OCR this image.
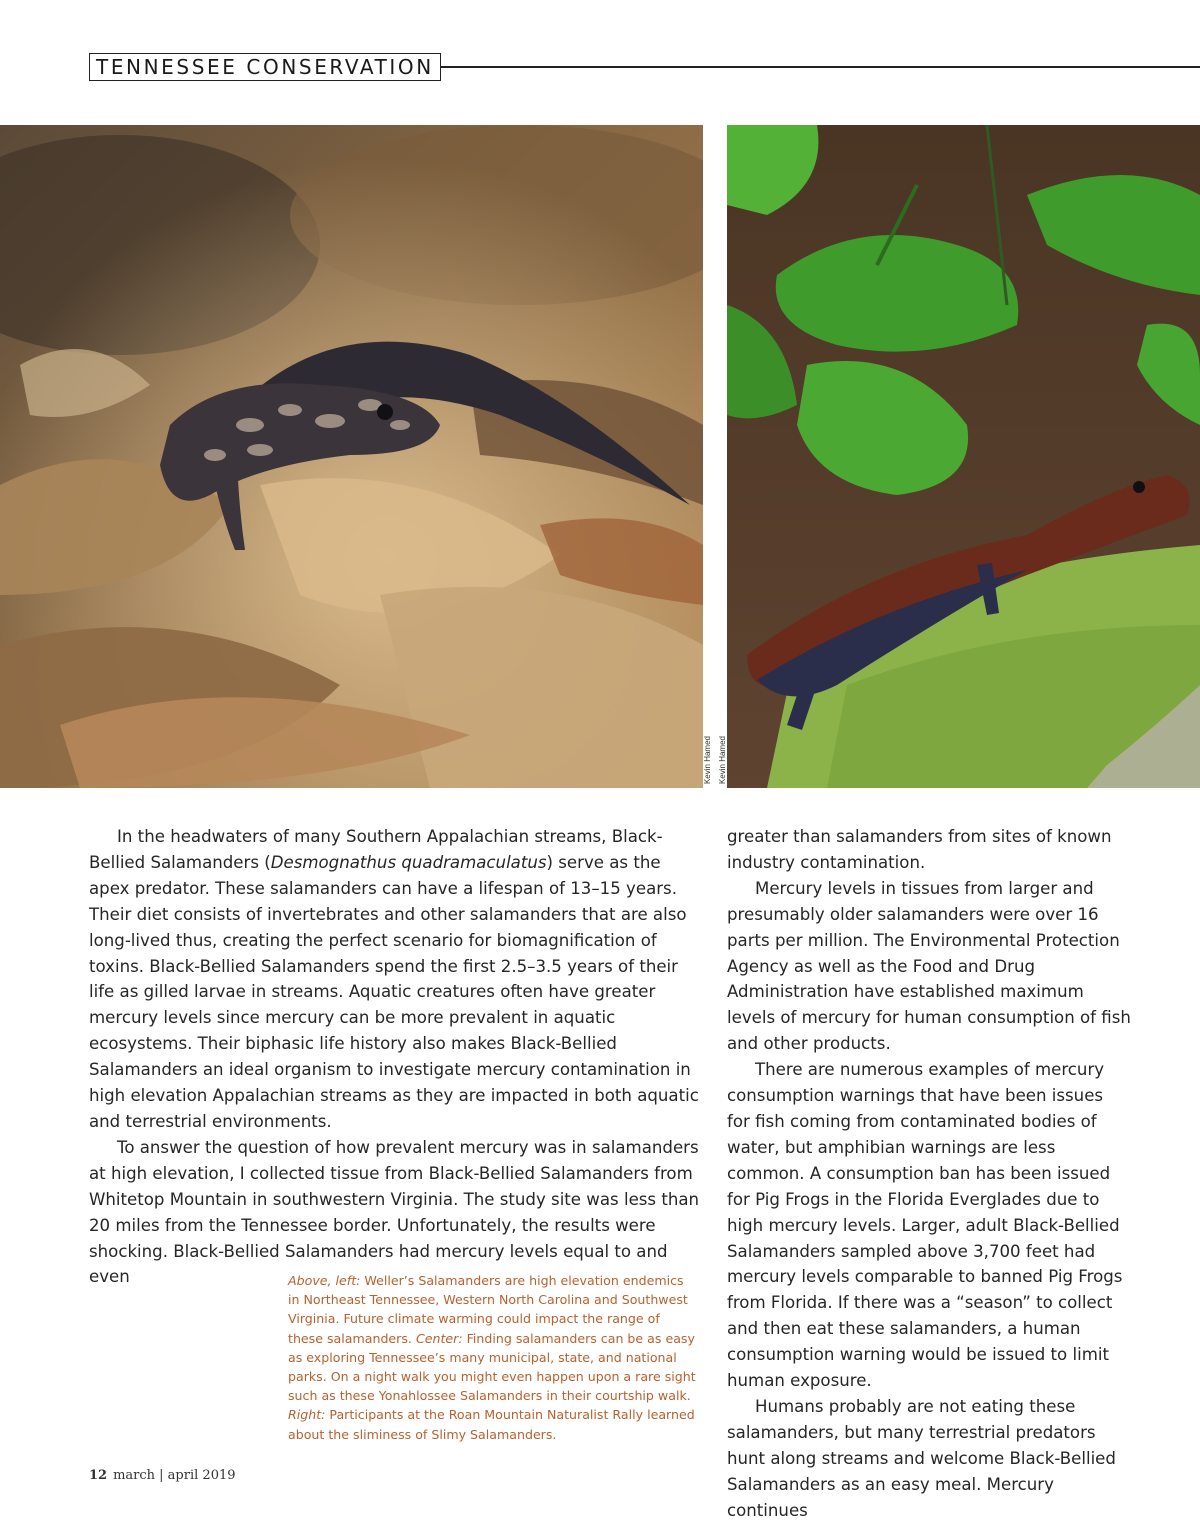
TENNESSEE CONSERVATION
Kevin Hamed Kevin Hamed

In the headwaters of many Southern Appalachian streams, Black-Bellied Salamanders (Desmognathus quadramaculatus) serve as the apex predator. These salamanders can have a lifespan of 13–15 years. Their diet consists of invertebrates and other salamanders that are also long-lived thus, creating the perfect scenario for biomagnification of toxins. Black-Bellied Salamanders spend the first 2.5–3.5 years of their life as gilled larvae in streams. Aquatic creatures often have greater mercury levels since mercury can be more prevalent in aquatic ecosystems. Their biphasic life history also makes Black-Bellied Salamanders an ideal organism to investigate mercury contamination in high elevation Appalachian streams as they are impacted in both aquatic and terrestrial environments.

To answer the question of how prevalent mercury was in salamanders at high elevation, I collected tissue from Black-Bellied Salamanders from Whitetop Mountain in southwestern Virginia. The study site was less than 20 miles from the Tennessee border. Unfortunately, the results were shocking. Black-Bellied Salamanders had mercury levels equal to and even

greater than salamanders from sites of known industry contamination.

Mercury levels in tissues from larger and presumably older salamanders were over 16 parts per million. The Environmental Protection Agency as well as the Food and Drug Administration have established maximum levels of mercury for human consumption of fish and other products.

There are numerous examples of mercury consumption warnings that have been issues for fish coming from contaminated bodies of water, but amphibian warnings are less common. A consumption ban has been issued for Pig Frogs in the Florida Everglades due to high mercury levels. Larger, adult Black-Bellied Salamanders sampled above 3,700 feet had mercury levels comparable to banned Pig Frogs from Florida. If there was a “season” to collect and then eat these salamanders, a human consumption warning would be issued to limit human exposure.

Humans probably are not eating these salamanders, but many terrestrial predators hunt along streams and welcome Black-Bellied Salamanders as an easy meal. Mercury continues

Above, left: Weller’s Salamanders are high elevation endemics in Northeast Tennessee, Western North Carolina and Southwest Virginia. Future climate warming could impact the range of these salamanders. Center: Finding salamanders can be as easy as exploring Tennessee’s many municipal, state, and national parks. On a night walk you might even happen upon a rare sight such as these Yonahlossee Salamanders in their courtship walk.
Right: Participants at the Roan Mountain Naturalist Rally learned about the sliminess of Slimy Salamanders.
12 march | april 2019
